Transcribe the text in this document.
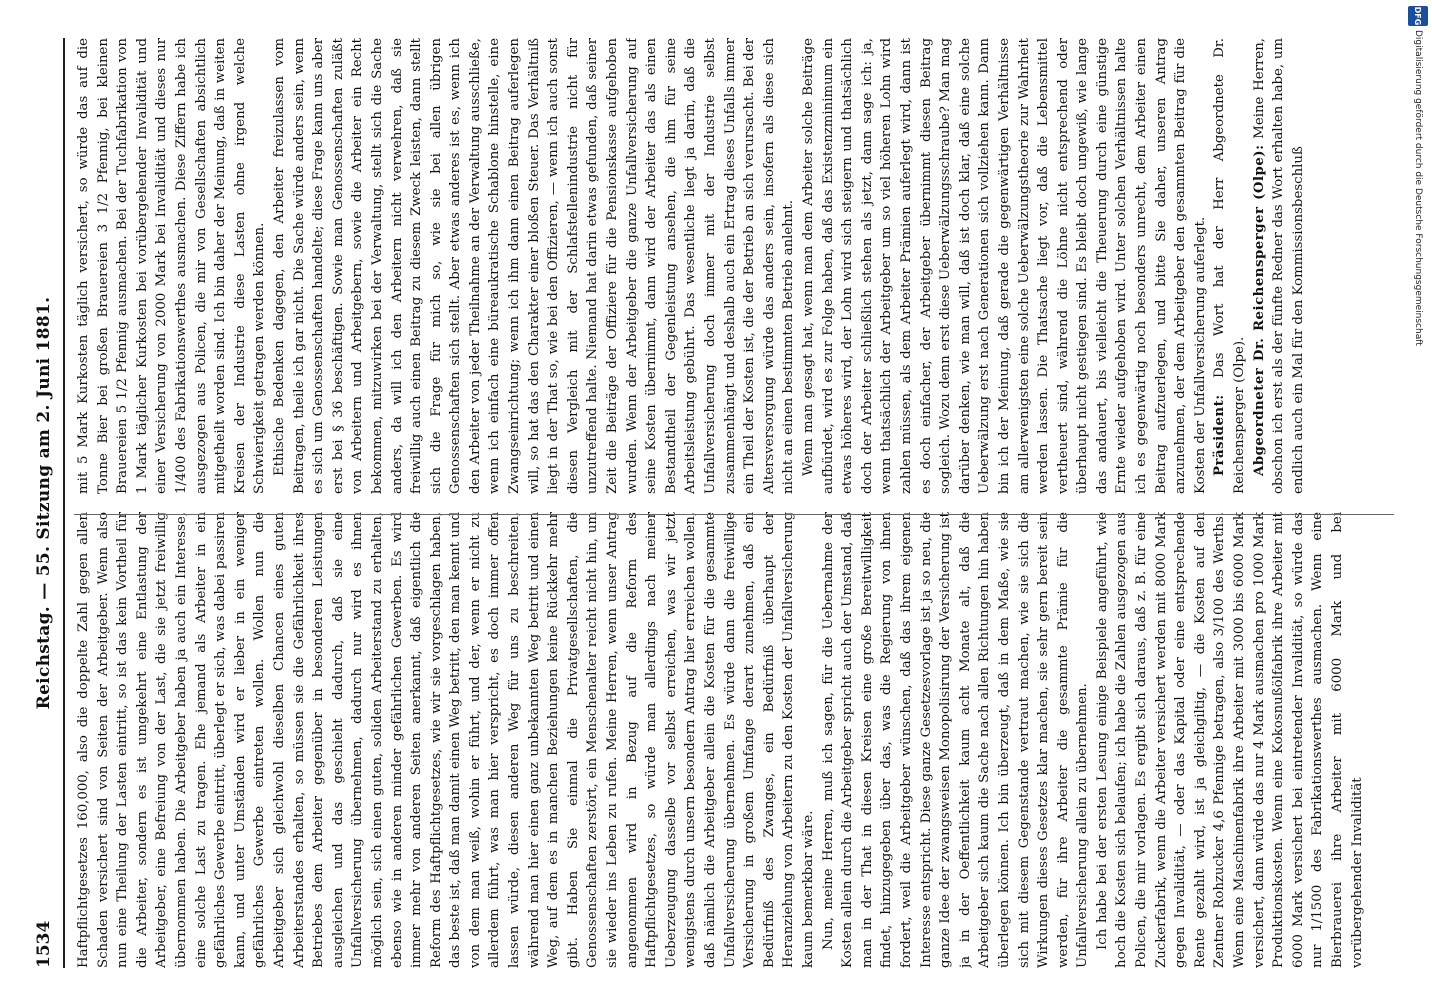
1534
Reichstag. — 55. Sitzung am 2. Juni 1881.

Haftpflichtgesetzes 160,000, also die doppelte Zahl gegen allen Schaden versichert sind von Seiten der Arbeitgeber. Wenn also nun eine Theilung der Lasten eintritt, so ist das kein Vortheil für die Arbeiter, sondern es ist umgekehrt eine Entlastung der Arbeitgeber, eine Befreiung von der Last, die sie jetzt freiwillig übernommen haben. Die Arbeitgeber haben ja auch ein Interesse, eine solche Last zu tragen. Ehe jemand als Arbeiter in ein gefährliches Gewerbe eintritt, überlegt er sich, was dabei passiren kann, und unter Umständen wird er lieber in ein weniger gefährliches Gewerbe eintreten wollen. Wollen nun die Arbeitgeber sich gleichwohl dieselben Chancen eines guten Arbeiterstandes erhalten, so müssen sie die Gefährlichkeit ihres Betriebes dem Arbeiter gegenüber in besonderen Leistungen ausgleichen und das geschieht dadurch, daß sie eine Unfallversicherung übernehmen, dadurch nur wird es ihnen möglich sein, sich einen guten, soliden Arbeiterstand zu erhalten, ebenso wie in anderen minder gefährlichen Gewerben. Es wird immer mehr von anderen Seiten anerkannt, daß eigentlich die Reform des Haftpflichtgesetzes, wie wir sie vorgeschlagen haben, das beste ist, daß man damit einen Weg betritt, den man kennt und von dem man weiß, wohin er führt, und der, wenn er nicht zu allerdem führt, was man hier verspricht, es doch immer offen lassen würde, diesen anderen Weg für uns zu beschreiten, während man hier einen ganz unbekannten Weg betritt und einen Weg, auf dem es in manchen Beziehungen keine Rückkehr mehr gibt. Haben Sie einmal die Privatgesellschaften, die Genossenschaften zerstört, ein Menschenalter reicht nicht hin, um sie wieder ins Leben zu rufen. Meine Herren, wenn unser Antrag angenommen wird in Bezug auf die Reform des Haftpflichtgesetzes, so würde man allerdings nach meiner Ueberzeugung dasselbe vor selbst erreichen, was wir jetzt wenigstens durch unsern besondern Antrag hier erreichen wollen, daß nämlich die Arbeitgeber allein die Kosten für die gesammte Unfallversicherung übernehmen. Es würde dann die freiwillige Versicherung in großem Umfange derart zunehmen, daß ein Bedürfniß des Zwanges, ein Bedürfniß überhaupt der Heranziehung von Arbeitern zu den Kosten der Unfallversicherung kaum bemerkbar wäre. Nun, meine Herren, muß ich sagen, für die Uebernahme der Kosten allein durch die Arbeitgeber spricht auch der Umstand, daß man in der That in diesen Kreisen eine große Bereitwilligkeit findet, hinzugegeben über das, was die Regierung von ihnen fordert, weil die Arbeitgeber wünschen, daß das ihrem eigenen Interesse entspricht. Diese ganze Gesetzesvorlage ist ja so neu, die ganze Idee der zwangsweisen Monopolisirung der Versicherung ist ja in der Oeffentlichkeit kaum acht Monate alt, daß die Arbeitgeber sich kaum die Sache nach allen Richtungen hin haben überlegen können. Ich bin überzeugt, daß in dem Maße, wie sie sich mit diesem Gegenstande vertraut machen, wie sie sich die Wirkungen dieses Gesetzes klar machen, sie sehr gern bereit sein werden, für ihre Arbeiter die gesammte Prämie für die Unfallversicherung allein zu übernehmen. Ich habe bei der ersten Lesung einige Beispiele angeführt, wie hoch die Kosten sich belaufen; ich habe die Zahlen ausgezogen aus Policen, die mir vorlagen. Es ergibt sich daraus, daß z. B. für eine Zuckerfabrik, wenn die Arbeiter versichert werden mit 8000 Mark gegen Invalidität, — oder das Kapital oder eine entsprechende Rente gezahlt wird, ist ja gleichgiltig, — die Kosten auf den Zentner Rohzucker 4,6 Pfennige betragen, also 3/100 des Werths. Wenn eine Maschinenfabrik ihre Arbeiter mit 3000 bis 6000 Mark versichert, dann würde das nur 4 Mark ausmachen pro 1000 Mark Produktionskosten. Wenn eine Kokosnußölfabrik ihre Arbeiter mit 6000 Mark versichert bei eintretender Invalidität, so würde das nur 1/1500 des Fabrikationswerthes ausmachen. Wenn eine Bierbrauerei ihre Arbeiter mit 6000 Mark und bei vorübergehender Invalidität

mit 5 Mark Kurkosten täglich versichert, so würde das auf die Tonne Bier bei großen Brauereien 3 1/2 Pfennig, bei kleinen Brauereien 5 1/2 Pfennig ausmachen. Bei der Tuchfabrikation von 1 Mark täglicher Kurkosten bei vorübergehender Invalidität und einer Versicherung von 2000 Mark bei Invalidität und dieses nur 1/400 des Fabrikationswerthes ausmachen. Diese Ziffern habe ich ausgezogen aus Policen, die mir von Gesellschaften absichtlich mitgetheilt worden sind. Ich bin daher der Meinung, daß in weiten Kreisen der Industrie diese Lasten ohne irgend welche Schwierigkeit getragen werden können. Ethische Bedenken dagegen, den Arbeiter freizulassen vom Beitragen, theile ich gar nicht. Die Sache würde anders sein, wenn es sich um Genossenschaften handelte; diese Frage kann uns aber erst bei § 36 beschäftigen. Sowie man Genossenschaften zuläßt von Arbeitern und Arbeitgebern, sowie die Arbeiter ein Recht bekommen, mitzuwirken bei der Verwaltung, stellt sich die Sache anders, da will ich den Arbeitern nicht verwehren, daß sie freiwillig auch einen Beitrag zu diesem Zweck leisten, dann stellt sich die Frage für mich so, wie sie bei allen übrigen Genossenschaften sich stellt. Aber etwas anderes ist es, wenn ich den Arbeiter von jeder Theilnahme an der Verwaltung ausschließe, wenn ich einfach eine büreaukratische Schablone hinstelle, eine Zwangseinrichtung; wenn ich ihm dann einen Beitrag auferlegen will, so hat das den Charakter einer bloßen Steuer. Das Verhältniß liegt in der That so, wie bei den Offizieren, — wenn ich auch sonst diesen Vergleich mit der Schlafstellenindustrie nicht für unzutreffend halte. Niemand hat darin etwas gefunden, daß seiner Zeit die Beiträge der Offiziere für die Pensionskasse aufgehoben wurden. Wenn der Arbeitgeber die ganze Unfallversicherung auf seine Kosten übernimmt, dann wird der Arbeiter das als einen Bestandtheil der Gegenleistung ansehen, die ihm für seine Arbeitsleistung gebührt. Das wesentliche liegt ja darin, daß die Unfallversicherung doch immer mit der Industrie selbst zusammenhängt und deshalb auch ein Ertrag dieses Unfalls immer ein Theil der Kosten ist, die der Betrieb an sich verursacht. Bei der Altersversorgung würde das anders sein, insofern als diese sich nicht an einen bestimmten Betrieb anlehnt. Wenn man gesagt hat, wenn man dem Arbeiter solche Beiträge aufbürdet, wird es zur Folge haben, daß das Existenzminimum ein etwas höheres wird, der Lohn wird sich steigern und thatsächlich doch der Arbeiter schließlich stehen als jetzt, dann sage ich: ja, wenn thatsächlich der Arbeitgeber um so viel höheren Lohn wird zahlen müssen, als dem Arbeiter Prämien auferlegt wird, dann ist es doch einfacher, der Arbeitgeber übernimmt diesen Beitrag sogleich. Wozu denn erst diese Ueberwälzungsschraube? Man mag darüber denken, wie man will, daß ist doch klar, daß eine solche Ueberwälzung erst nach Generationen sich vollziehen kann. Dann bin ich der Meinung, daß gerade die gegenwärtigen Verhältnisse am allerwenigsten eine solche Ueberwälzungstheorie zur Wahrheit werden lassen. Die Thatsache liegt vor, daß die Lebensmittel vertheuert sind, während die Löhne nicht entsprechend oder überhaupt nicht gestiegen sind. Es bleibt doch ungewiß, wie lange das andauert, bis vielleicht die Theuerung durch eine günstige Ernte wieder aufgehoben wird. Unter solchen Verhältnissen halte ich es gegenwärtig noch besonders unrecht, dem Arbeiter einen Beitrag aufzuerlegen, und bitte Sie daher, unseren Antrag anzunehmen, der dem Arbeitgeber den gesammten Beitrag für die Kosten der Unfallversicherung auferlegt. Präsident: Das Wort hat der Herr Abgeordnete Dr. Reichensperger (Olpe). Abgeordneter Dr. Reichensperger (Olpe): Meine Herren, obschon ich erst als der fünfte Redner das Wort erhalten habe, um endlich auch ein Mal für den Kommissionsbeschluß

DFG
Digitalisierung gefördert durch die Deutsche Forschungsgemeinschaft
